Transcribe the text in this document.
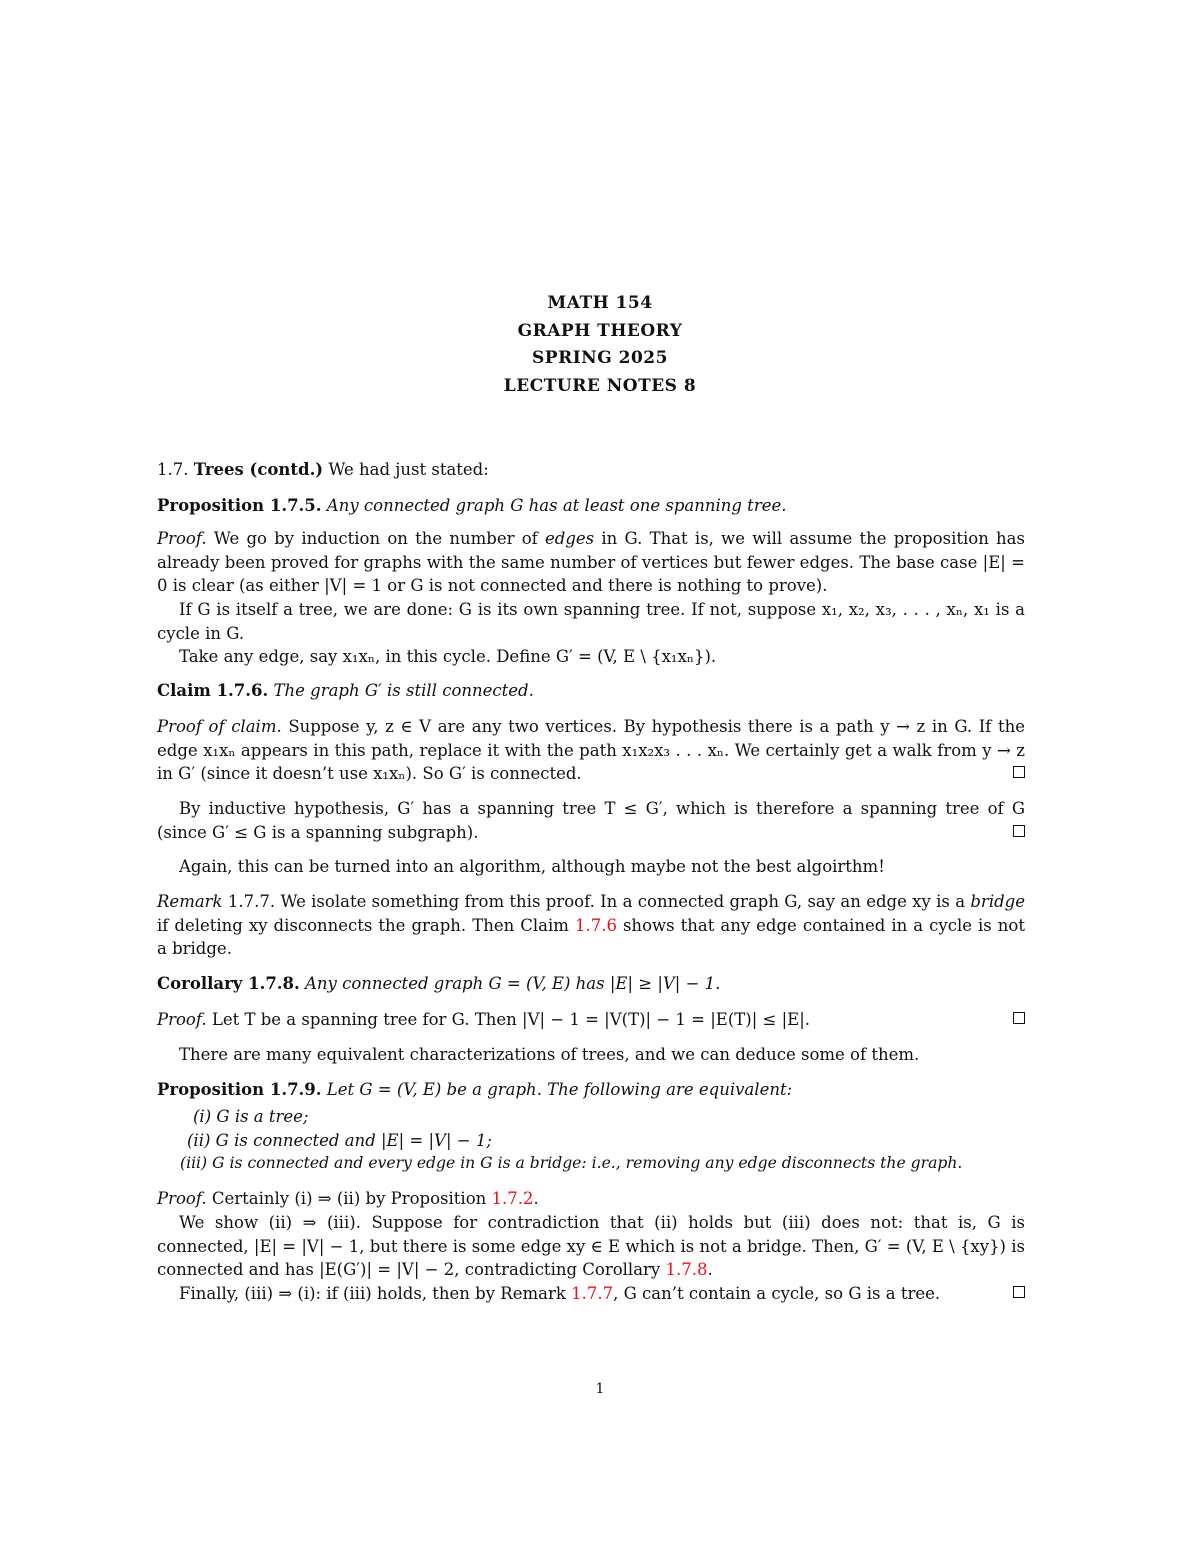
MATH 154
GRAPH THEORY
SPRING 2025
LECTURE NOTES 8
1.7. Trees (contd.) We had just stated:
Proposition 1.7.5. Any connected graph G has at least one spanning tree.
Proof. We go by induction on the number of edges in G. That is, we will assume the proposition has already been proved for graphs with the same number of vertices but fewer edges. The base case |E| = 0 is clear (as either |V| = 1 or G is not connected and there is nothing to prove).
If G is itself a tree, we are done: G is its own spanning tree. If not, suppose x₁, x₂, x₃, . . . , xₙ, x₁ is a cycle in G.
Take any edge, say x₁xₙ, in this cycle. Define G′ = (V, E \ {x₁xₙ}).
Claim 1.7.6. The graph G′ is still connected.
Proof of claim. Suppose y, z ∈ V are any two vertices. By hypothesis there is a path y → z in G. If the edge x₁xₙ appears in this path, replace it with the path x₁x₂x₃ . . . xₙ. We certainly get a walk from y → z in G′ (since it doesn’t use x₁xₙ). So G′ is connected.
By inductive hypothesis, G′ has a spanning tree T ≤ G′, which is therefore a spanning tree of G (since G′ ≤ G is a spanning subgraph).
Again, this can be turned into an algorithm, although maybe not the best algoirthm!
Remark 1.7.7. We isolate something from this proof. In a connected graph G, say an edge xy is a bridge if deleting xy disconnects the graph. Then Claim 1.7.6 shows that any edge contained in a cycle is not a bridge.
Corollary 1.7.8. Any connected graph G = (V, E) has |E| ≥ |V| − 1.
Proof. Let T be a spanning tree for G. Then |V| − 1 = |V(T)| − 1 = |E(T)| ≤ |E|.
There are many equivalent characterizations of trees, and we can deduce some of them.
Proposition 1.7.9. Let G = (V, E) be a graph. The following are equivalent:
(i) G is a tree;
(ii) G is connected and |E| = |V| − 1;
(iii) G is connected and every edge in G is a bridge: i.e., removing any edge disconnects the graph.
Proof. Certainly (i) ⇒ (ii) by Proposition 1.7.2.
We show (ii) ⇒ (iii). Suppose for contradiction that (ii) holds but (iii) does not: that is, G is connected, |E| = |V| − 1, but there is some edge xy ∈ E which is not a bridge. Then, G′ = (V, E \ {xy}) is connected and has |E(G′)| = |V| − 2, contradicting Corollary 1.7.8.
Finally, (iii) ⇒ (i): if (iii) holds, then by Remark 1.7.7, G can’t contain a cycle, so G is a tree.
1
